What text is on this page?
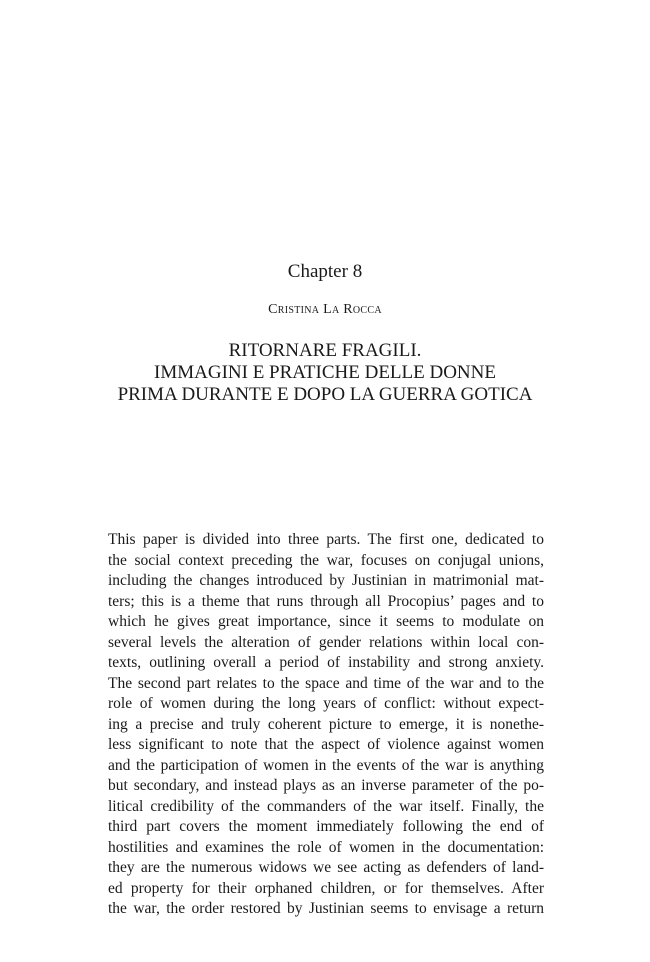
Chapter 8
Cristina La Rocca
RITORNARE FRAGILI.
IMMAGINI E PRATICHE DELLE DONNE
PRIMA DURANTE E DOPO LA GUERRA GOTICA

This paper is divided into three parts. The first one, dedicated to
the social context preceding the war, focuses on conjugal unions,
including the changes introduced by Justinian in matrimonial mat-
ters; this is a theme that runs through all Procopius’ pages and to
which he gives great importance, since it seems to modulate on
several levels the alteration of gender relations within local con-
texts, outlining overall a period of instability and strong anxiety.
The second part relates to the space and time of the war and to the
role of women during the long years of conflict: without expect-
ing a precise and truly coherent picture to emerge, it is nonethe-
less significant to note that the aspect of violence against women
and the participation of women in the events of the war is anything
but secondary, and instead plays as an inverse parameter of the po-
litical credibility of the commanders of the war itself. Finally, the
third part covers the moment immediately following the end of
hostilities and examines the role of women in the documentation:
they are the numerous widows we see acting as defenders of land-
ed property for their orphaned children, or for themselves. After
the war, the order restored by Justinian seems to envisage a return
